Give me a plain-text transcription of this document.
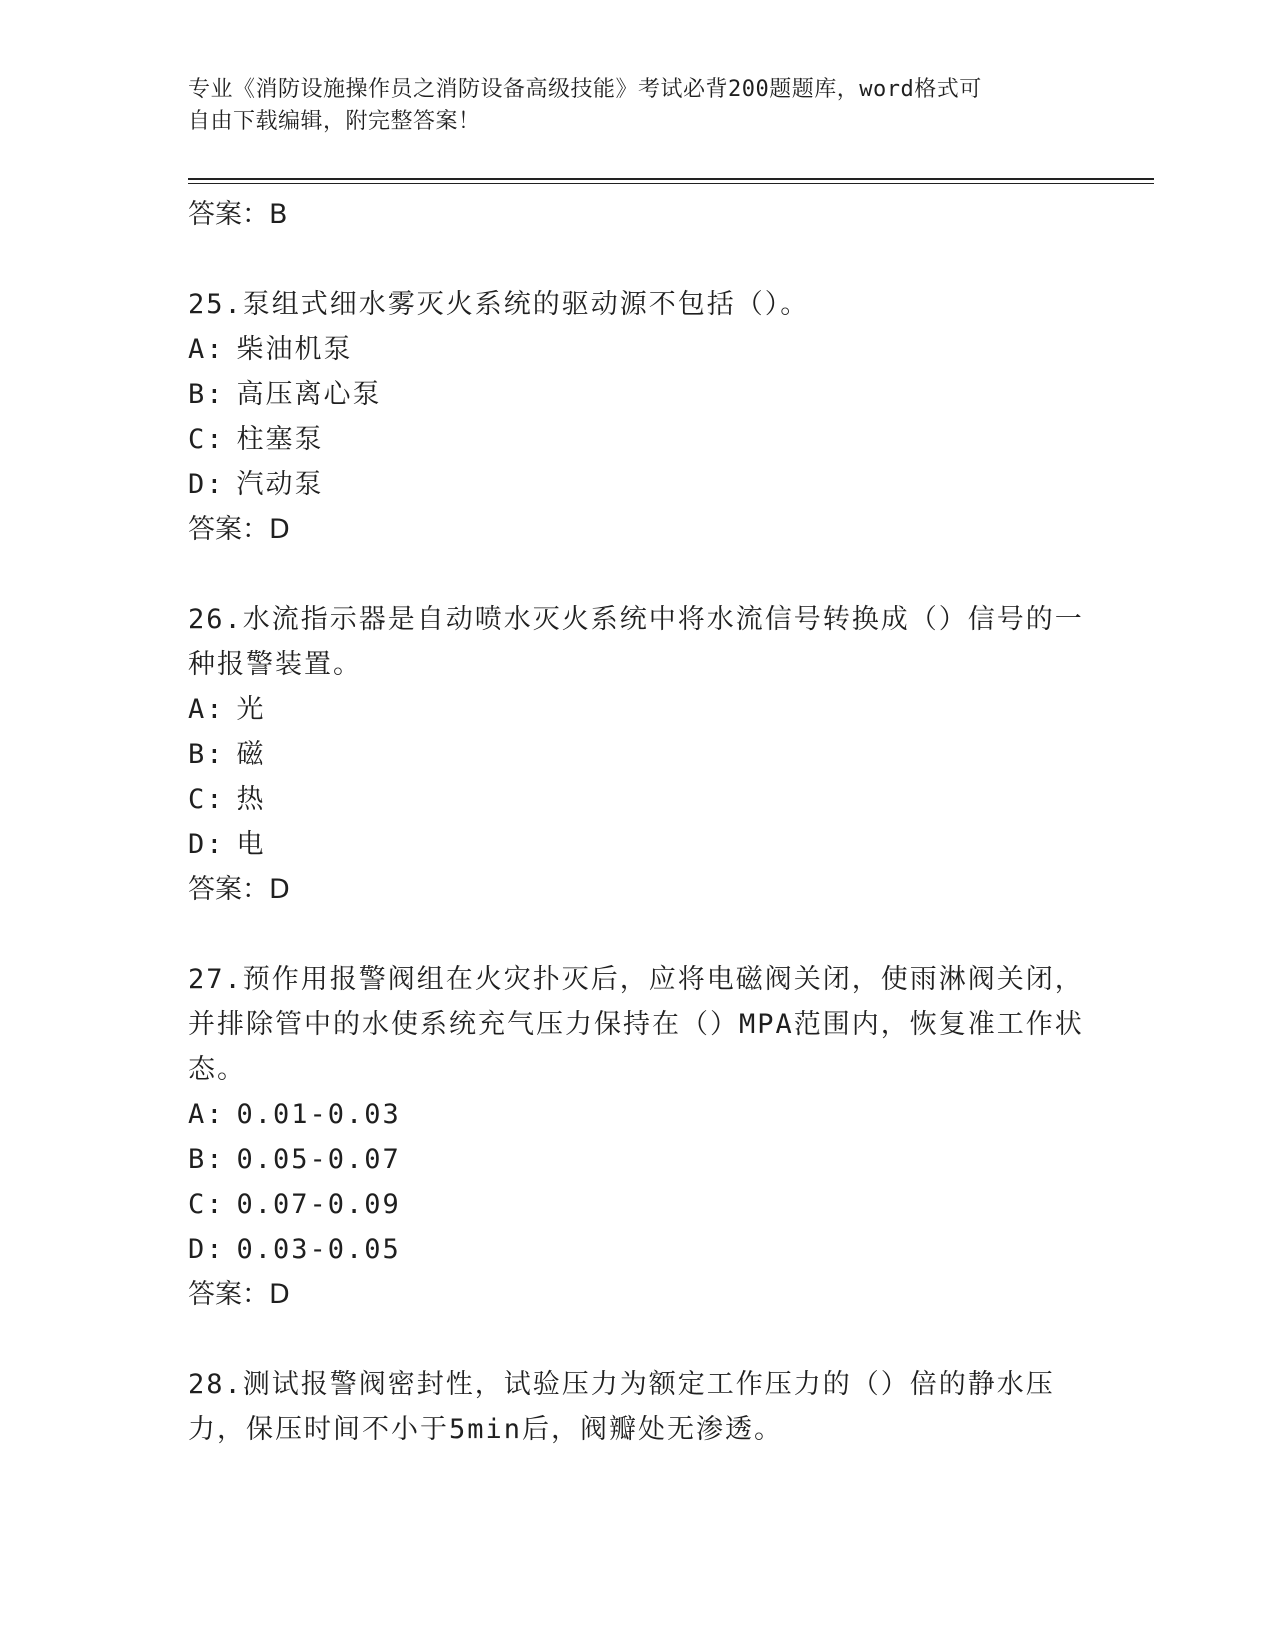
专业《消防设施操作员之消防设备高级技能》考试必背200题题库，word格式可
自由下载编辑，附完整答案！
答案：B
25.泵组式细水雾灭火系统的驱动源不包括（）。
A: 柴油机泵
B: 高压离心泵
C: 柱塞泵
D: 汽动泵
答案：D
26.水流指示器是自动喷水灭火系统中将水流信号转换成（）信号的一种报警装置。
A: 光
B: 磁
C: 热
D: 电
答案：D
27.预作用报警阀组在火灾扑灭后，应将电磁阀关闭，使雨淋阀关闭，并排除管中的水使系统充气压力保持在（）MPA范围内，恢复准工作状态。
A: 0.01-0.03
B: 0.05-0.07
C: 0.07-0.09
D: 0.03-0.05
答案：D
28.测试报警阀密封性，试验压力为额定工作压力的（）倍的静水压力，保压时间不小于5min后，阀瓣处无渗透。
